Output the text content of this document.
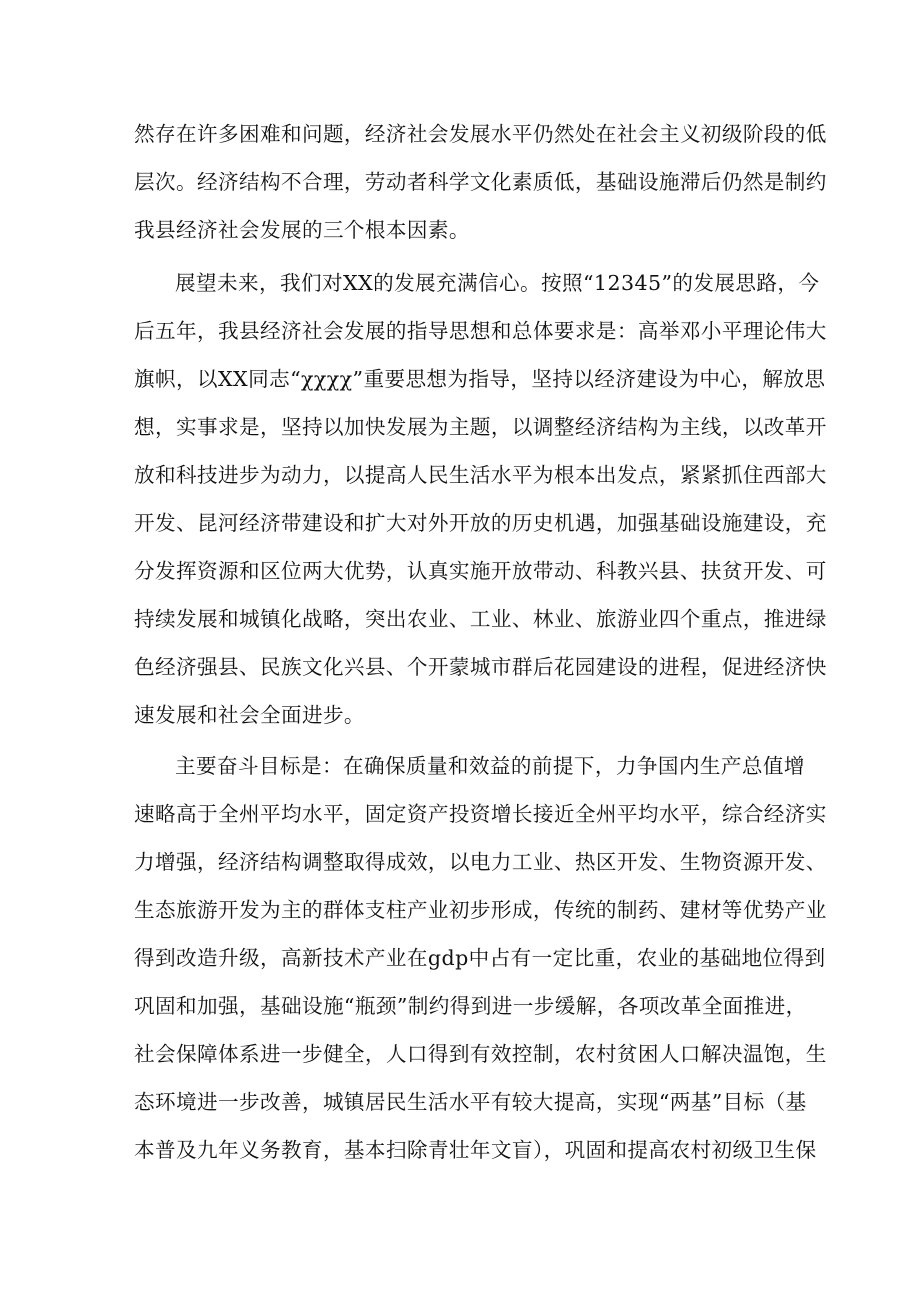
然存在许多困难和问题，经济社会发展水平仍然处在社会主义初级阶段的低
层次。经济结构不合理，劳动者科学文化素质低，基础设施滞后仍然是制约
我县经济社会发展的三个根本因素。
展望未来，我们对XX的发展充满信心。按照“12345”的发展思路，今
后五年，我县经济社会发展的指导思想和总体要求是：高举邓小平理论伟大
旗帜，以XX同志“χχχχ”重要思想为指导，坚持以经济建设为中心，解放思
想，实事求是，坚持以加快发展为主题，以调整经济结构为主线，以改革开
放和科技进步为动力，以提高人民生活水平为根本出发点，紧紧抓住西部大
开发、昆河经济带建设和扩大对外开放的历史机遇，加强基础设施建设，充
分发挥资源和区位两大优势，认真实施开放带动、科教兴县、扶贫开发、可
持续发展和城镇化战略，突出农业、工业、林业、旅游业四个重点，推进绿
色经济强县、民族文化兴县、个开蒙城市群后花园建设的进程，促进经济快
速发展和社会全面进步。
主要奋斗目标是：在确保质量和效益的前提下，力争国内生产总值增
速略高于全州平均水平，固定资产投资增长接近全州平均水平，综合经济实
力增强，经济结构调整取得成效，以电力工业、热区开发、生物资源开发、
生态旅游开发为主的群体支柱产业初步形成，传统的制药、建材等优势产业
得到改造升级，高新技术产业在gdp中占有一定比重，农业的基础地位得到
巩固和加强，基础设施“瓶颈”制约得到进一步缓解，各项改革全面推进，
社会保障体系进一步健全，人口得到有效控制，农村贫困人口解决温饱，生
态环境进一步改善，城镇居民生活水平有较大提高，实现“两基”目标（基
本普及九年义务教育，基本扫除青壮年文盲），巩固和提高农村初级卫生保
